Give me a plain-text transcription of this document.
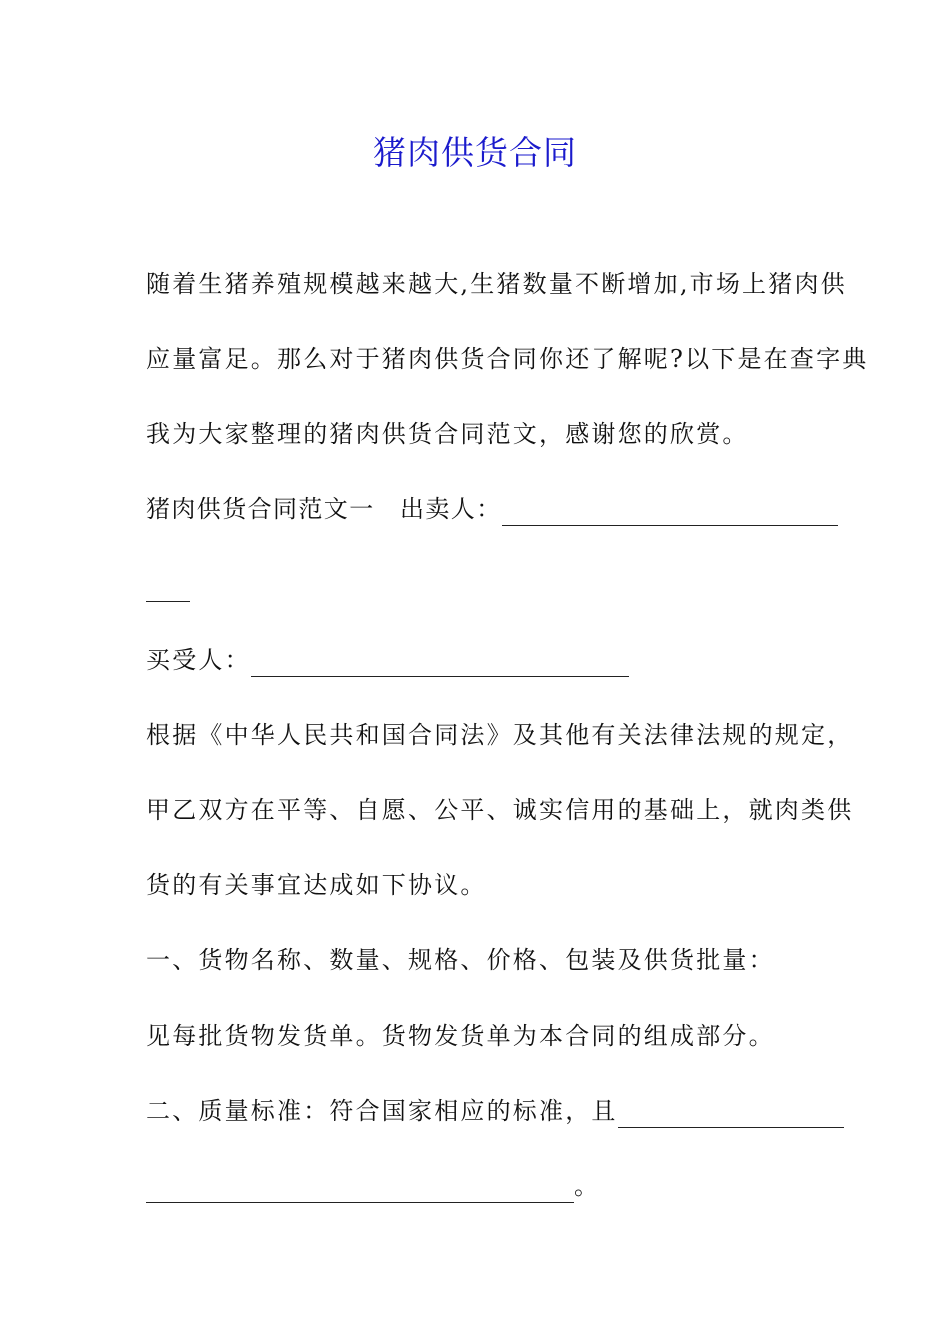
猪肉供货合同
随着生猪养殖规模越来越大,生猪数量不断增加,市场上猪肉供
应量富足。那么对于猪肉供货合同你还了解呢?以下是在查字典
我为大家整理的猪肉供货合同范文，感谢您的欣赏。
猪肉供货合同范文一　出卖人：
买受人：
根据《中华人民共和国合同法》及其他有关法律法规的规定，
甲乙双方在平等、自愿、公平、诚实信用的基础上，就肉类供
货的有关事宜达成如下协议。
一、货物名称、数量、规格、价格、包装及供货批量：
见每批货物发货单。货物发货单为本合同的组成部分。
二、质量标准：符合国家相应的标准，且
。
